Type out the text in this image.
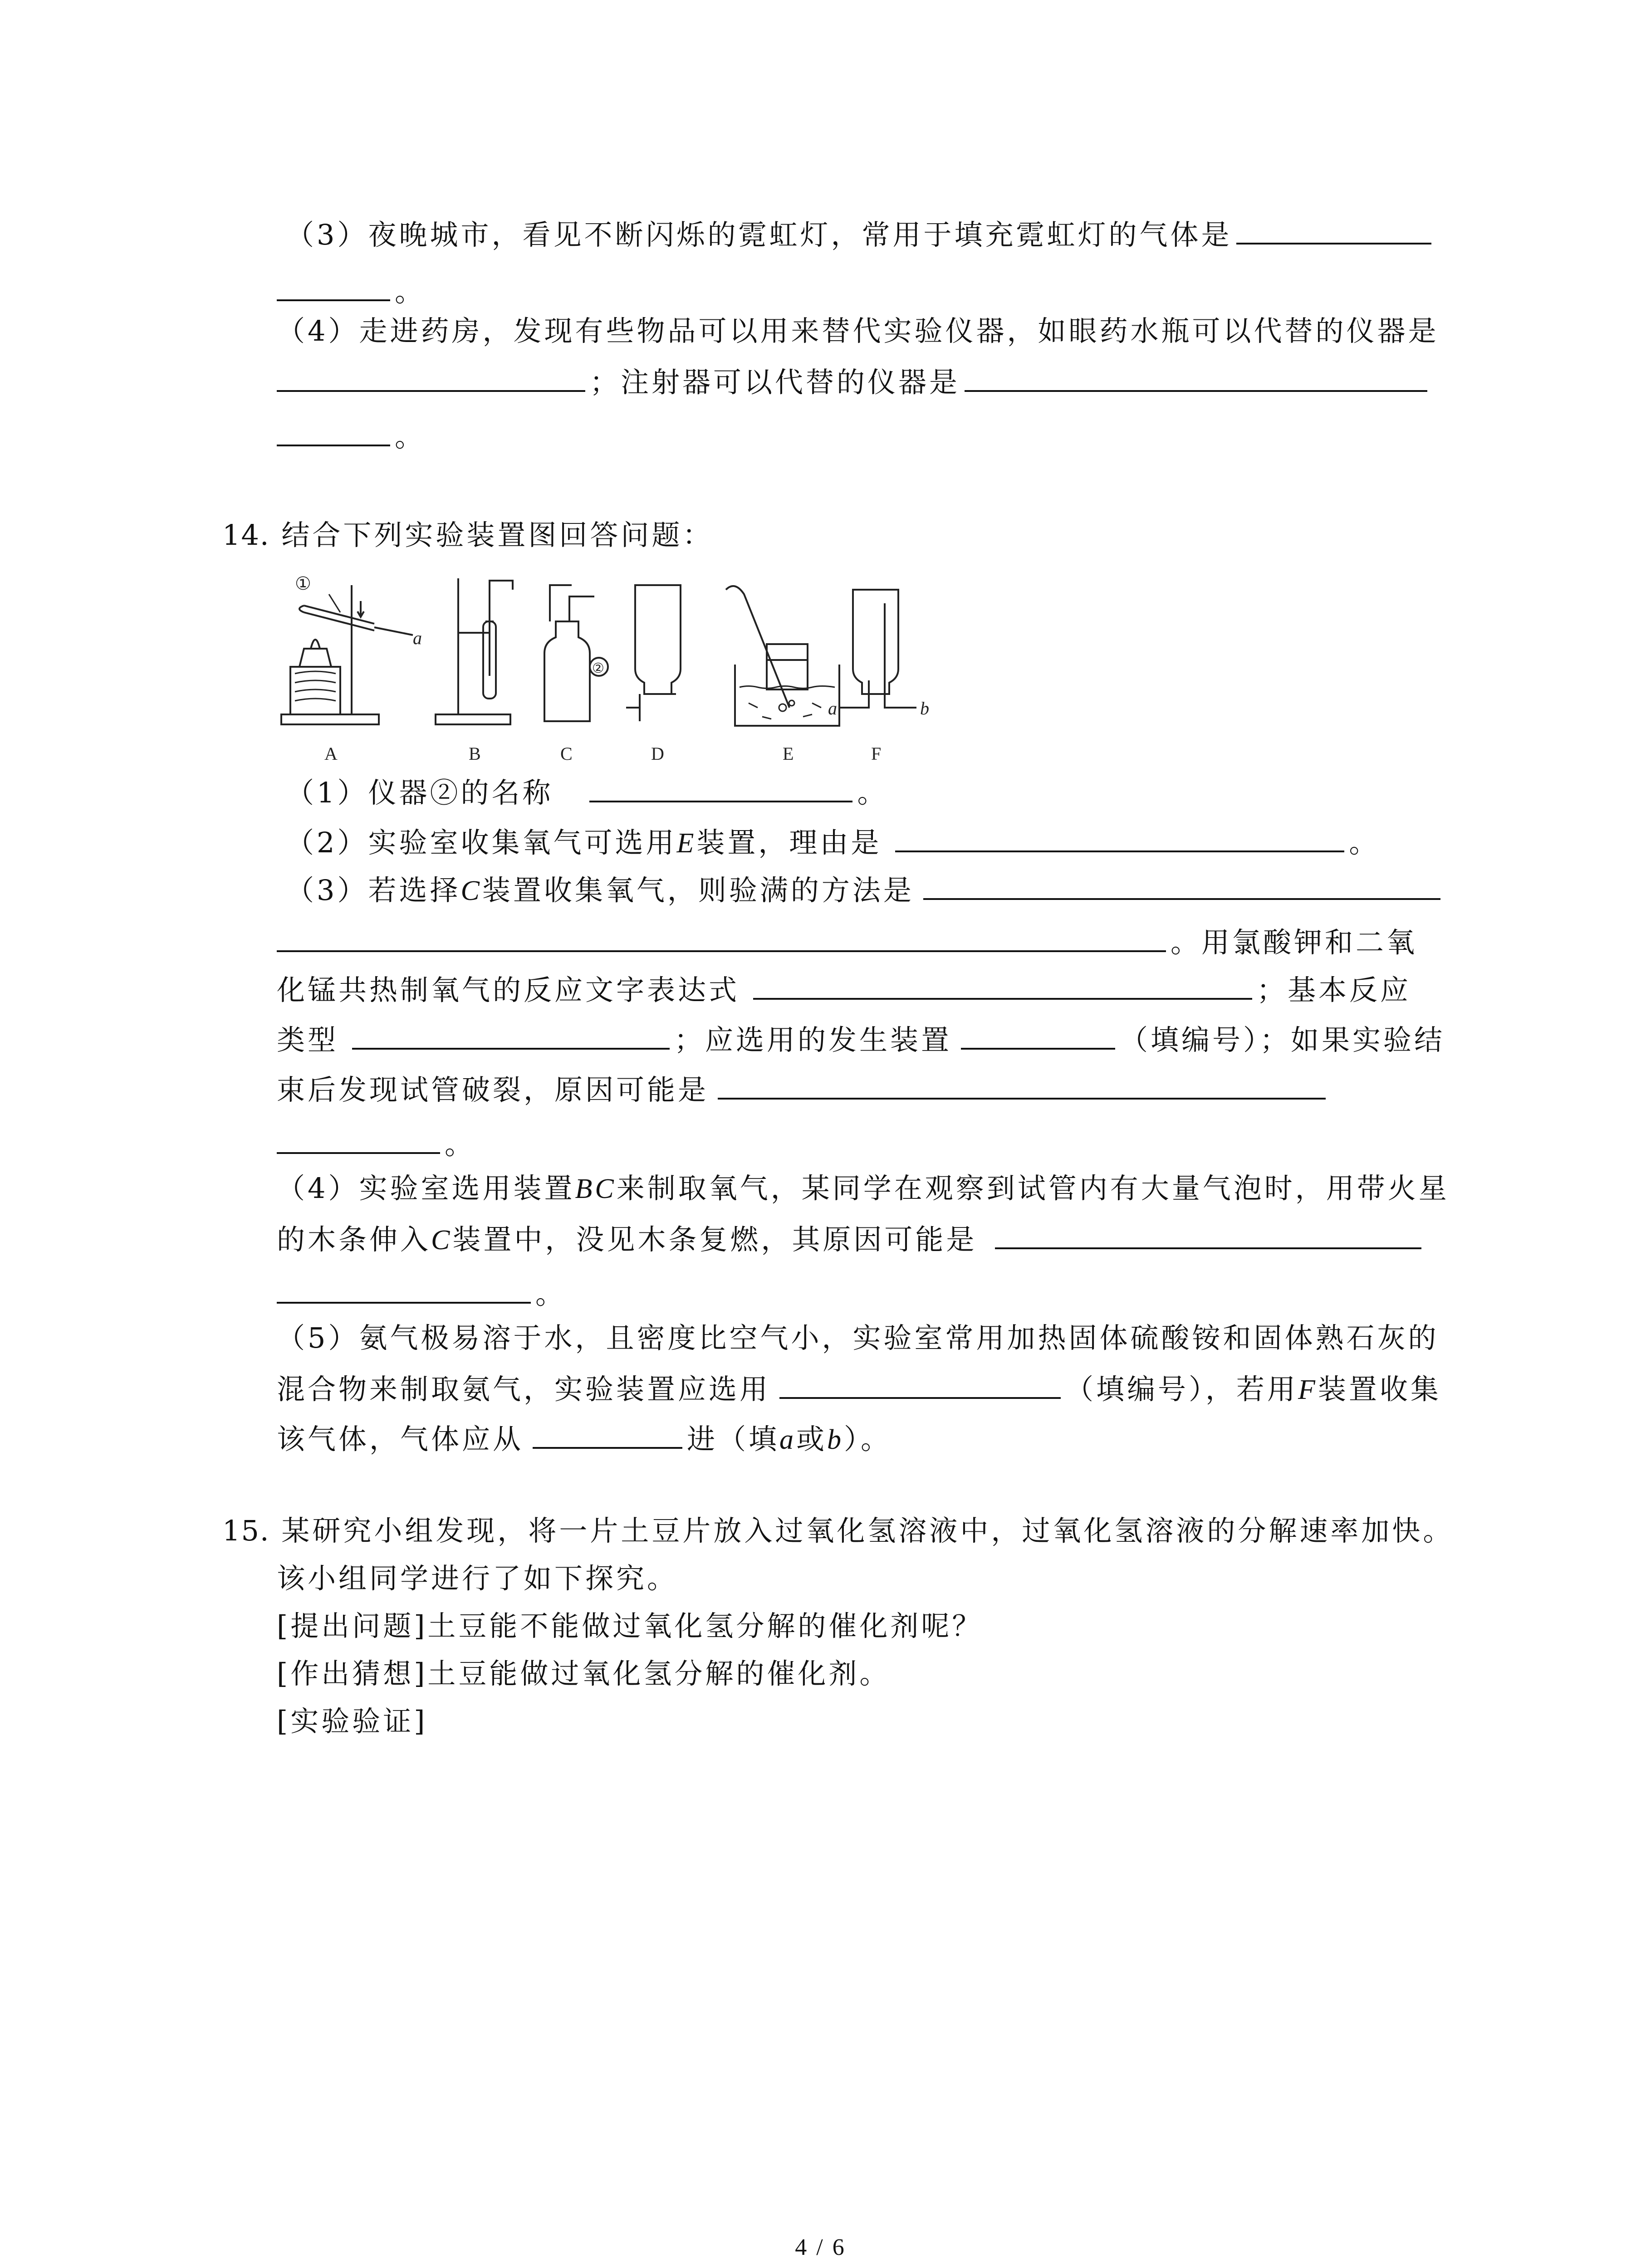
（3）夜晚城市，看见不断闪烁的霓虹灯，常用于填充霓虹灯的气体是
。
（4）走进药房，发现有些物品可以用来替代实验仪器，如眼药水瓶可以代替的仪器是
；注射器可以代替的仪器是
。
14. 结合下列实验装置图回答问题：
A	B	C	D	E	F
①
②
a
a	b
（1）仪器②的名称	。
（2）实验室收集氧气可选用E装置，理由是	。
（3）若选择C装置收集氧气，则验满的方法是
。用氯酸钾和二氧
化锰共热制氧气的反应文字表达式	；基本反应
类型	；应选用的发生装置	（填编号）；如果实验结
束后发现试管破裂，原因可能是
。
（4）实验室选用装置BC来制取氧气，某同学在观察到试管内有大量气泡时，用带火星
的木条伸入C装置中，没见木条复燃，其原因可能是
。
（5）氨气极易溶于水，且密度比空气小，实验室常用加热固体硫酸铵和固体熟石灰的
混合物来制取氨气，实验装置应选用	（填编号），若用F装置收集
该气体，气体应从	进（填a或b）。
15. 某研究小组发现，将一片土豆片放入过氧化氢溶液中，过氧化氢溶液的分解速率加快。
该小组同学进行了如下探究。
[提出问题]土豆能不能做过氧化氢分解的催化剂呢？
[作出猜想]土豆能做过氧化氢分解的催化剂。
[实验验证]
4 / 6
